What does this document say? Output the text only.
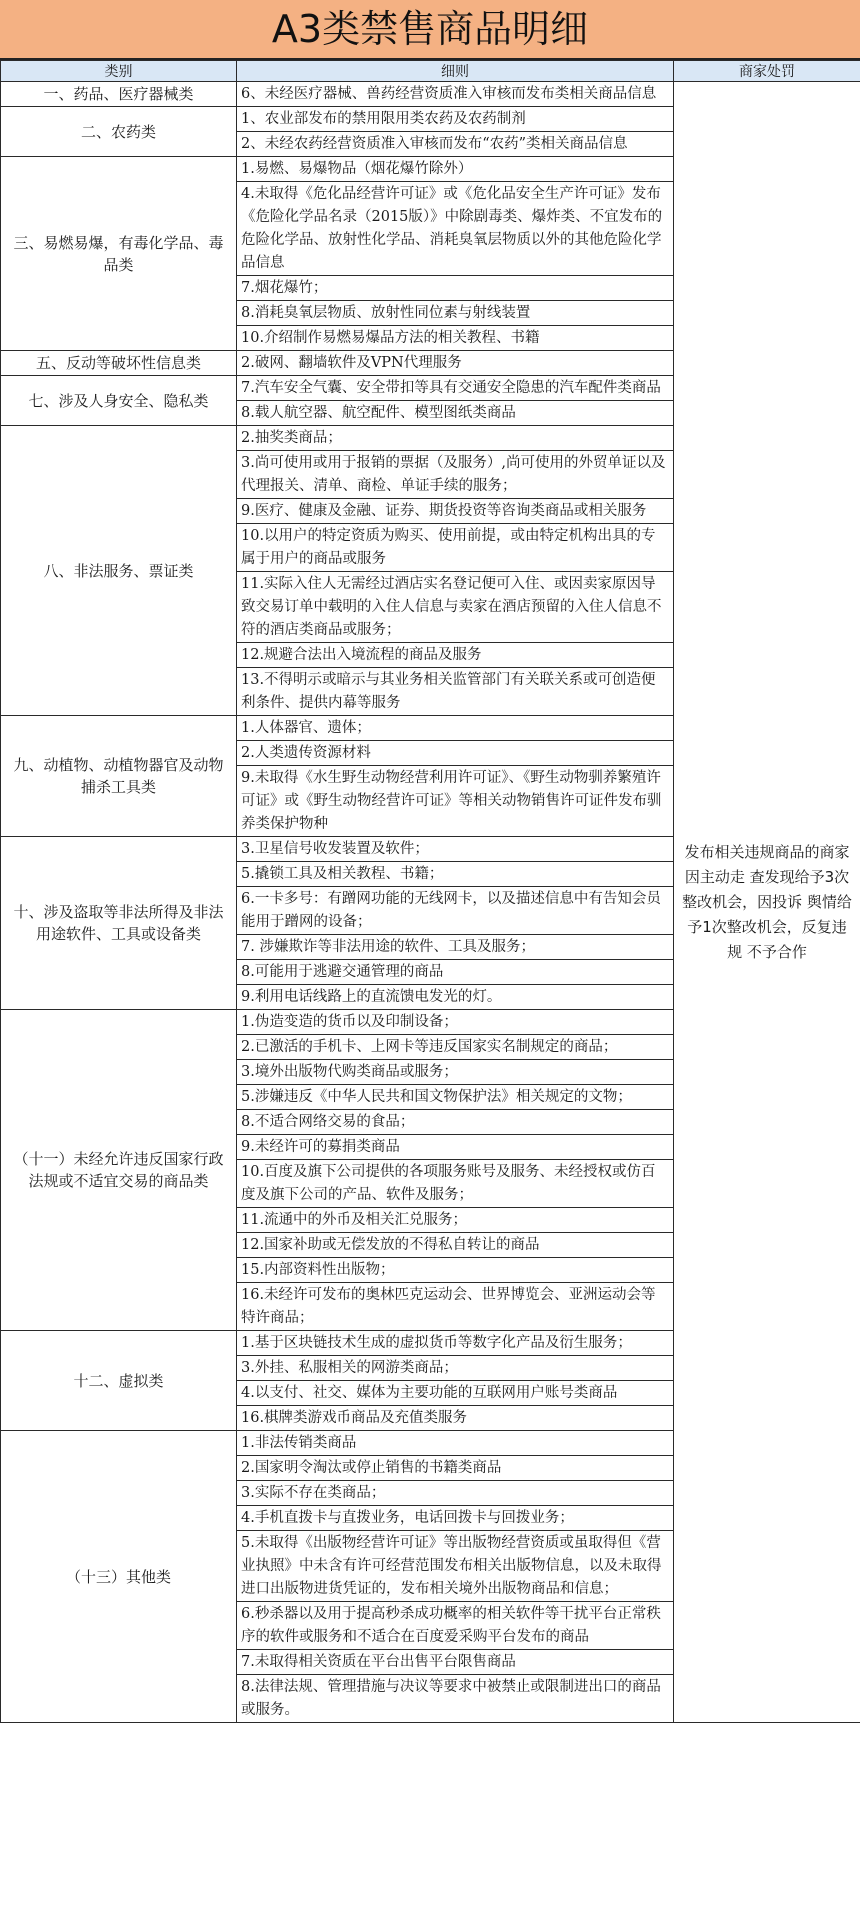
A3类禁售商品明细
类别	细则	商家处罚
一、药品、医疗器械类	6、未经医疗器械、兽药经营资质准入审核而发布类相关商品信息	发布相关违规商品的商家因主动走 查发现给予3次整改机会，因投诉 舆情给予1次整改机会，反复违规 不予合作
二、农药类	1、农业部发布的禁用限用类农药及农药制剂	
	2、未经农药经营资质准入审核而发布“农药”类相关商品信息	
三、易燃易爆，有毒化学品、毒品类	1.易燃、易爆物品（烟花爆竹除外）	
	4.未取得《危化品经营许可证》或《危化品安全生产许可证》发布《危险化学品名录（2015版）》中除剧毒类、爆炸类、不宜发布的危险化学品、放射性化学品、消耗臭氧层物质以外的其他危险化学品信息	
	7.烟花爆竹；	
	8.消耗臭氧层物质、放射性同位素与射线装置	
	10.介绍制作易燃易爆品方法的相关教程、书籍	
五、反动等破坏性信息类	2.破网、翻墙软件及VPN代理服务	
七、涉及人身安全、隐私类	7.汽车安全气囊、安全带扣等具有交通安全隐患的汽车配件类商品	
	8.载人航空器、航空配件、模型图纸类商品	
八、非法服务、票证类	2.抽奖类商品；	
	3.尚可使用或用于报销的票据（及服务）,尚可使用的外贸单证以及代理报关、清单、商检、单证手续的服务；	
	9.医疗、健康及金融、证券、期货投资等咨询类商品或相关服务	
	10.以用户的特定资质为购买、使用前提，或由特定机构出具的专属于用户的商品或服务	
	11.实际入住人无需经过酒店实名登记便可入住、或因卖家原因导致交易订单中载明的入住人信息与卖家在酒店预留的入住人信息不符的酒店类商品或服务；	
	12.规避合法出入境流程的商品及服务	
	13.不得明示或暗示与其业务相关监管部门有关联关系或可创造便利条件、提供内幕等服务	
九、动植物、动植物器官及动物捕杀工具类	1.人体器官、遗体；	
	2.人类遗传资源材料	
	9.未取得《水生野生动物经营利用许可证》、《野生动物驯养繁殖许可证》或《野生动物经营许可证》等相关动物销售许可证件发布驯养类保护物种	
十、涉及盗取等非法所得及非法用途软件、工具或设备类	3.卫星信号收发装置及软件；	
	5.撬锁工具及相关教程、书籍；	
	6.一卡多号：有蹭网功能的无线网卡，以及描述信息中有告知会员能用于蹭网的设备；	
	7. 涉嫌欺诈等非法用途的软件、工具及服务；	
	8.可能用于逃避交通管理的商品	
	9.利用电话线路上的直流馈电发光的灯。	
（十一）未经允许违反国家行政法规或不适宜交易的商品类	1.伪造变造的货币以及印制设备；	
	2.已激活的手机卡、上网卡等违反国家实名制规定的商品；	
	3.境外出版物代购类商品或服务；	
	5.涉嫌违反《中华人民共和国文物保护法》相关规定的文物；	
	8.不适合网络交易的食品；	
	9.未经许可的募捐类商品	
	10.百度及旗下公司提供的各项服务账号及服务、未经授权或仿百度及旗下公司的产品、软件及服务；	
	11.流通中的外币及相关汇兑服务；	
	12.国家补助或无偿发放的不得私自转让的商品	
	15.内部资料性出版物；	
	16.未经许可发布的奥林匹克运动会、世界博览会、亚洲运动会等特许商品；	
十二、虚拟类	1.基于区块链技术生成的虚拟货币等数字化产品及衍生服务；	
	3.外挂、私服相关的网游类商品；	
	4.以支付、社交、媒体为主要功能的互联网用户账号类商品	
	16.棋牌类游戏币商品及充值类服务	
（十三）其他类	1.非法传销类商品	
	2.国家明令淘汰或停止销售的书籍类商品	
	3.实际不存在类商品；	
	4.手机直拨卡与直拨业务，电话回拨卡与回拨业务；	
	5.未取得《出版物经营许可证》等出版物经营资质或虽取得但《营业执照》中未含有许可经营范围发布相关出版物信息，以及未取得进口出版物进货凭证的，发布相关境外出版物商品和信息；	
	6.秒杀器以及用于提高秒杀成功概率的相关软件等干扰平台正常秩序的软件或服务和不适合在百度爱采购平台发布的商品	
	7.未取得相关资质在平台出售平台限售商品	
	8.法律法规、管理措施与决议等要求中被禁止或限制进出口的商品或服务。	
